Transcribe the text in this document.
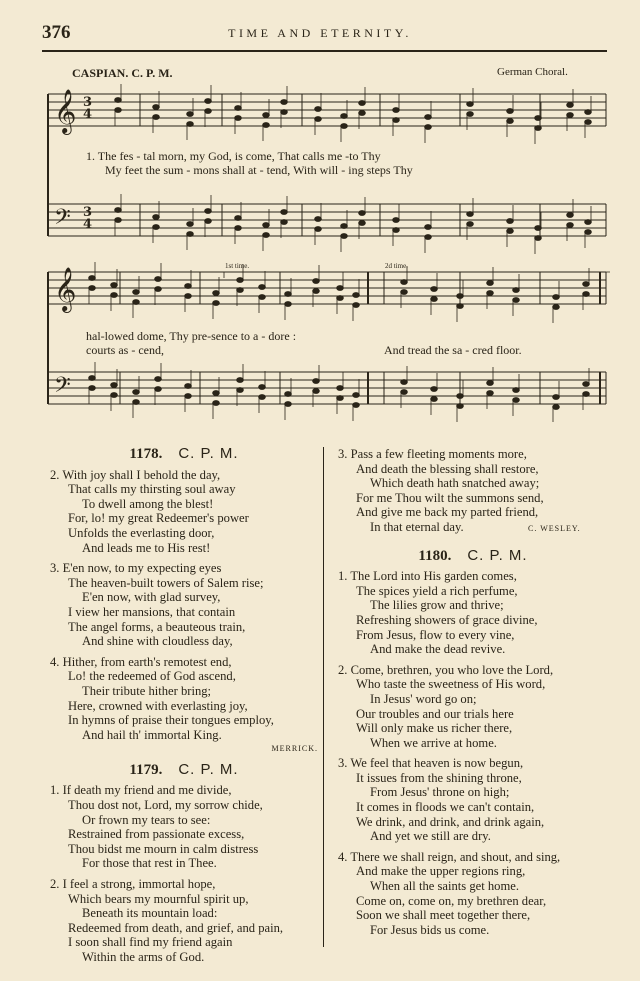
376	TIME AND ETERNITY.
CASPIAN. C. P. M.	German Choral.
𝄞
𝄢
𝄞
𝄢
3
4
3
4
1st time.	2d time.
1. The fes - tal morn, my God, is come, That calls me -to Thy
My feet the sum - mons shall at - tend, With will - ing steps Thy
hal-lowed dome, Thy pre-sence to a - dore :
courts as - cend,	And tread the sa - cred floor.
1178. C. P. M.
2. With joy shall I behold the day,
That calls my thirsting soul away
To dwell among the blest!
For, lo! my great Redeemer's power
Unfolds the everlasting door,
And leads me to His rest!
3. E'en now, to my expecting eyes
The heaven-built towers of Salem rise;
E'en now, with glad survey,
I view her mansions, that contain
The angel forms, a beauteous train,
And shine with cloudless day,
4. Hither, from earth's remotest end,
Lo! the redeemed of God ascend,
Their tribute hither bring;
Here, crowned with everlasting joy,
In hymns of praise their tongues employ,
And hail th' immortal King.
MERRICK.
1179. C. P. M.
1. If death my friend and me divide,
Thou dost not, Lord, my sorrow chide,
Or frown my tears to see:
Restrained from passionate excess,
Thou bidst me mourn in calm distress
For those that rest in Thee.
2. I feel a strong, immortal hope,
Which bears my mournful spirit up,
Beneath its mountain load:
Redeemed from death, and grief, and pain,
I soon shall find my friend again
Within the arms of God.
3. Pass a few fleeting moments more,
And death the blessing shall restore,
Which death hath snatched away;
For me Thou wilt the summons send,
And give me back my parted friend,
In that eternal day.	C. WESLEY.
1180. C. P. M.
1. The Lord into His garden comes,
The spices yield a rich perfume,
The lilies grow and thrive;
Refreshing showers of grace divine,
From Jesus, flow to every vine,
And make the dead revive.
2. Come, brethren, you who love the Lord,
Who taste the sweetness of His word,
In Jesus' word go on;
Our troubles and our trials here
Will only make us richer there,
When we arrive at home.
3. We feel that heaven is now begun,
It issues from the shining throne,
From Jesus' throne on high;
It comes in floods we can't contain,
We drink, and drink, and drink again,
And yet we still are dry.
4. There we shall reign, and shout, and sing,
And make the upper regions ring,
When all the saints get home.
Come on, come on, my brethren dear,
Soon we shall meet together there,
For Jesus bids us come.
